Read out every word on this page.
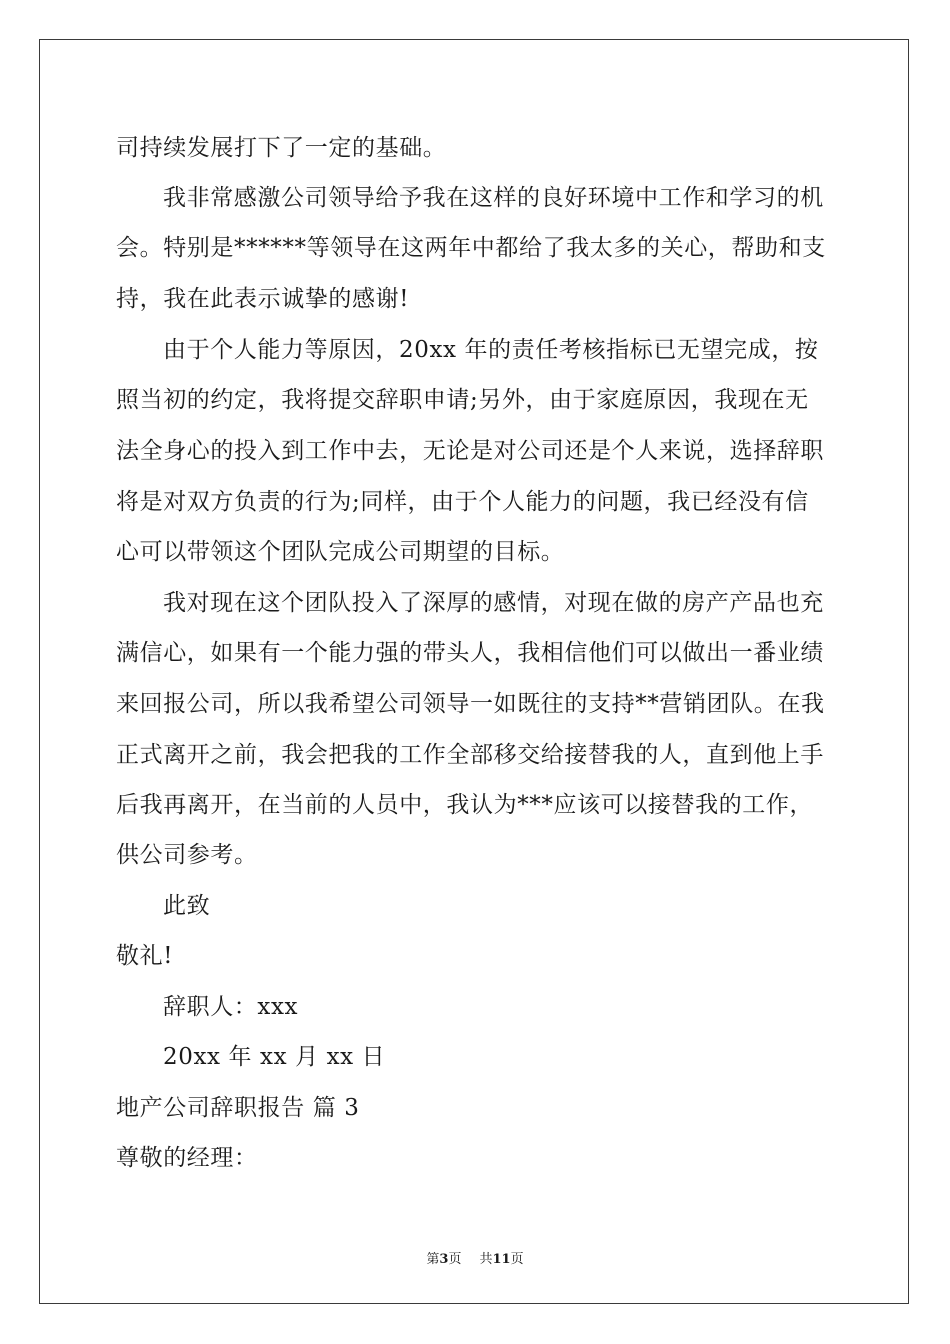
司持续发展打下了一定的基础。
我非常感激公司领导给予我在这样的良好环境中工作和学习的机
会。特别是******等领导在这两年中都给了我太多的关心，帮助和支
持，我在此表示诚挚的感谢!
由于个人能力等原因，20xx 年的责任考核指标已无望完成，按
照当初的约定，我将提交辞职申请;另外，由于家庭原因，我现在无
法全身心的投入到工作中去，无论是对公司还是个人来说，选择辞职
将是对双方负责的行为;同样，由于个人能力的问题，我已经没有信
心可以带领这个团队完成公司期望的目标。
我对现在这个团队投入了深厚的感情，对现在做的房产产品也充
满信心，如果有一个能力强的带头人，我相信他们可以做出一番业绩
来回报公司，所以我希望公司领导一如既往的支持**营销团队。在我
正式离开之前，我会把我的工作全部移交给接替我的人，直到他上手
后我再离开，在当前的人员中，我认为***应该可以接替我的工作，
供公司参考。
此致
敬礼!
辞职人：xxx
20xx 年 xx 月 xx 日
地产公司辞职报告 篇 3
尊敬的经理：
第3页 共11页
